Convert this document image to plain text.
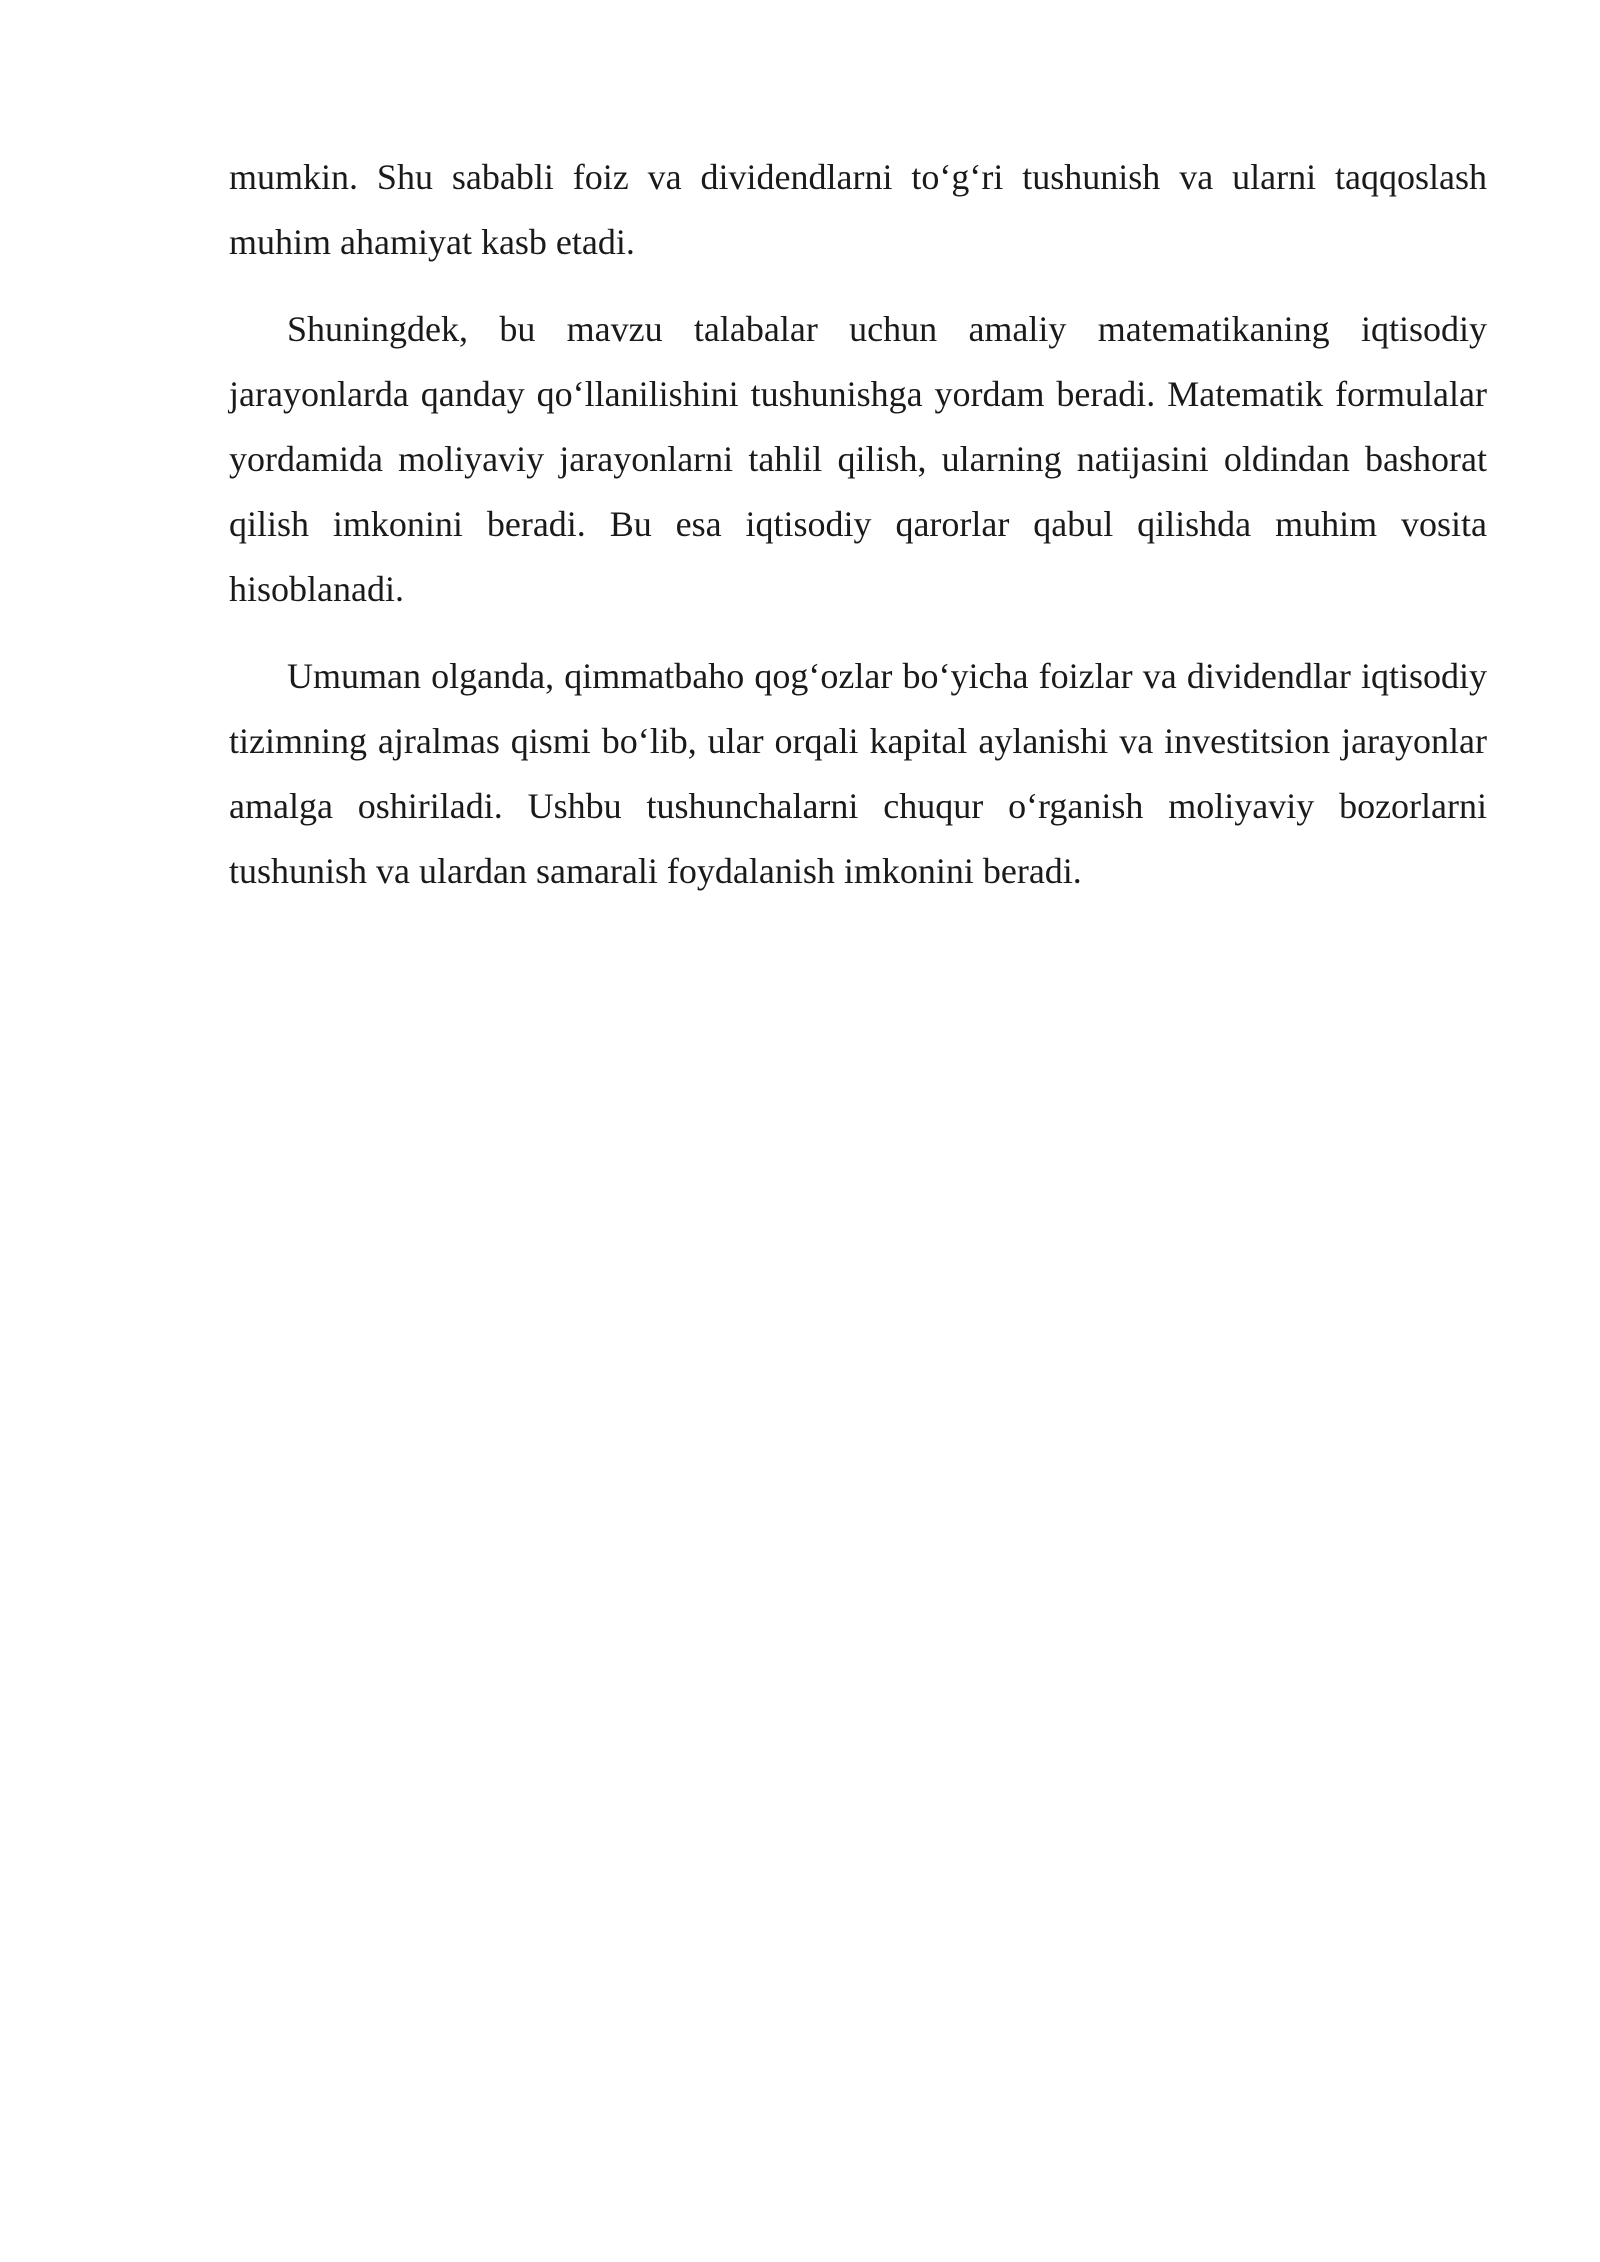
mumkin. Shu sababli foiz va dividendlarni to‘g‘ri tushunish va ularni taqqoslash muhim ahamiyat kasb etadi.

Shuningdek, bu mavzu talabalar uchun amaliy matematikaning iqtisodiy jarayonlarda qanday qo‘llanilishini tushunishga yordam beradi. Matematik formulalar yordamida moliyaviy jarayonlarni tahlil qilish, ularning natijasini oldindan bashorat qilish imkonini beradi. Bu esa iqtisodiy qarorlar qabul qilishda muhim vosita hisoblanadi.

Umuman olganda, qimmatbaho qog‘ozlar bo‘yicha foizlar va dividendlar iqtisodiy tizimning ajralmas qismi bo‘lib, ular orqali kapital aylanishi va investitsion jarayonlar amalga oshiriladi. Ushbu tushunchalarni chuqur o‘rganish moliyaviy bozorlarni tushunish va ulardan samarali foydalanish imkonini beradi.
